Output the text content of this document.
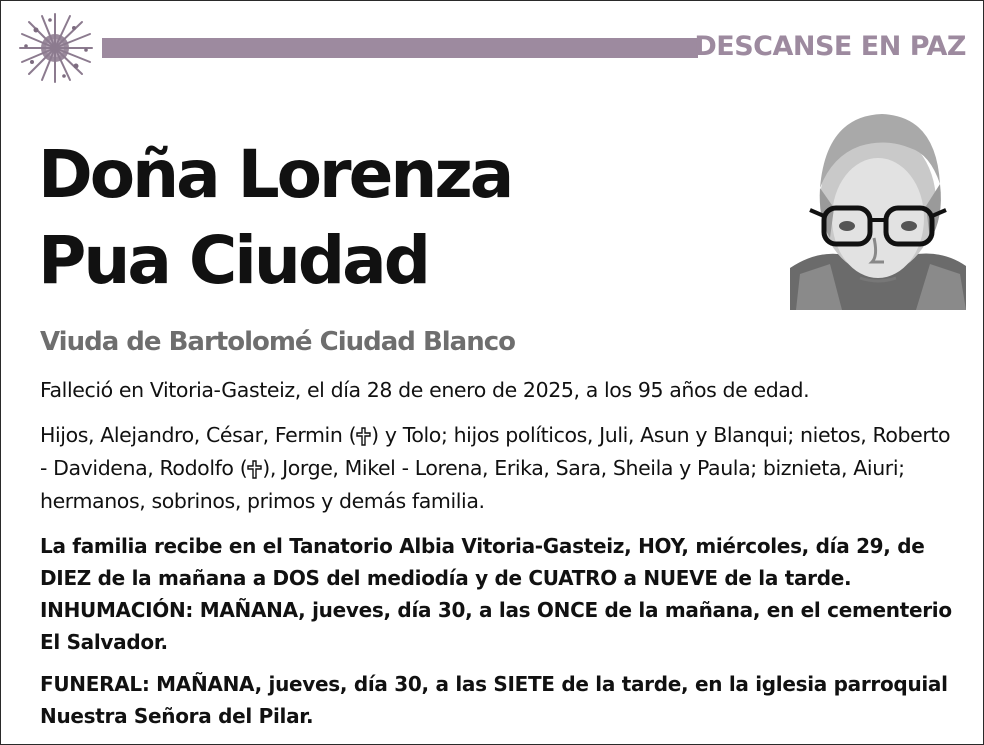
DESCANSE EN PAZ
Doña Lorenza
Pua Ciudad
Viuda de Bartolomé Ciudad Blanco

Falleció en Vitoria-Gasteiz, el día 28 de enero de 2025, a los 95 años de edad.

Hijos, Alejandro, César, Fermin ( ) y Tolo; hijos políticos, Juli, Asun y Blanqui; nietos, Roberto - Davidena, Rodolfo ( ), Jorge, Mikel - Lorena, Erika, Sara, Sheila y Paula; biznieta, Aiuri; hermanos, sobrinos, primos y demás familia.

La familia recibe en el Tanatorio Albia Vitoria-Gasteiz, HOY, miércoles, día 29, de DIEZ de la mañana a DOS del mediodía y de CUATRO a NUEVE de la tarde. INHUMACIÓN: MAÑANA, jueves, día 30, a las ONCE de la mañana, en el cementerio El Salvador.

FUNERAL: MAÑANA, jueves, día 30, a las SIETE de la tarde, en la iglesia parroquial Nuestra Señora del Pilar.
